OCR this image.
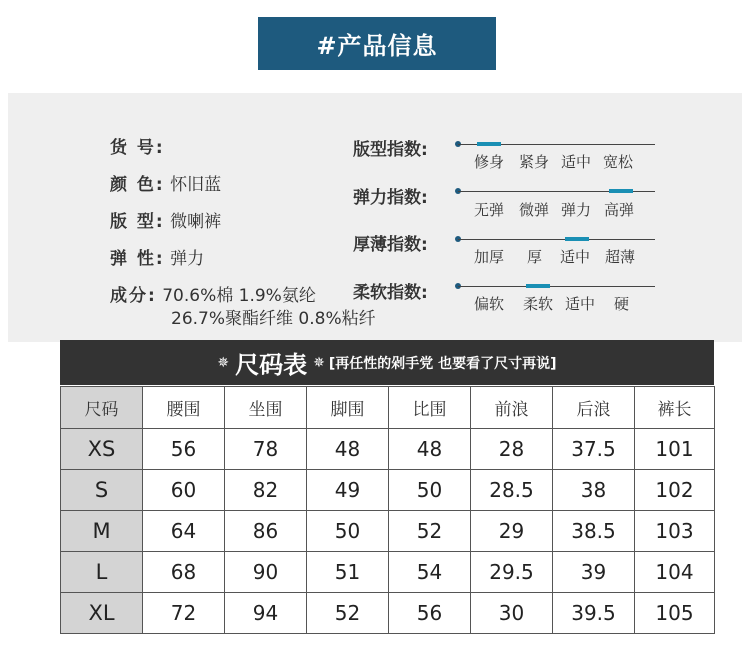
#产品信息
货 号:
颜 色: 怀旧蓝
版 型: 微喇裤
弹 性: 弹力
成分: 70.6%棉 1.9%氨纶
26.7%聚酯纤维 0.8%粘纤
版型指数:
修身 紧身 适中 宽松
弹力指数:
无弹 微弹 弹力 高弹
厚薄指数:
加厚 厚 适中 超薄
柔软指数:
偏软 柔软 适中 硬
✵ 尺码表 ✵ [再任性的剁手党 也要看了尺寸再说]
尺码	腰围	坐围	脚围	比围	前浪	后浪	裤长
XS	56	78	48	48	28	37.5	101
S	60	82	49	50	28.5	38	102
M	64	86	50	52	29	38.5	103
L	68	90	51	54	29.5	39	104
XL	72	94	52	56	30	39.5	105
